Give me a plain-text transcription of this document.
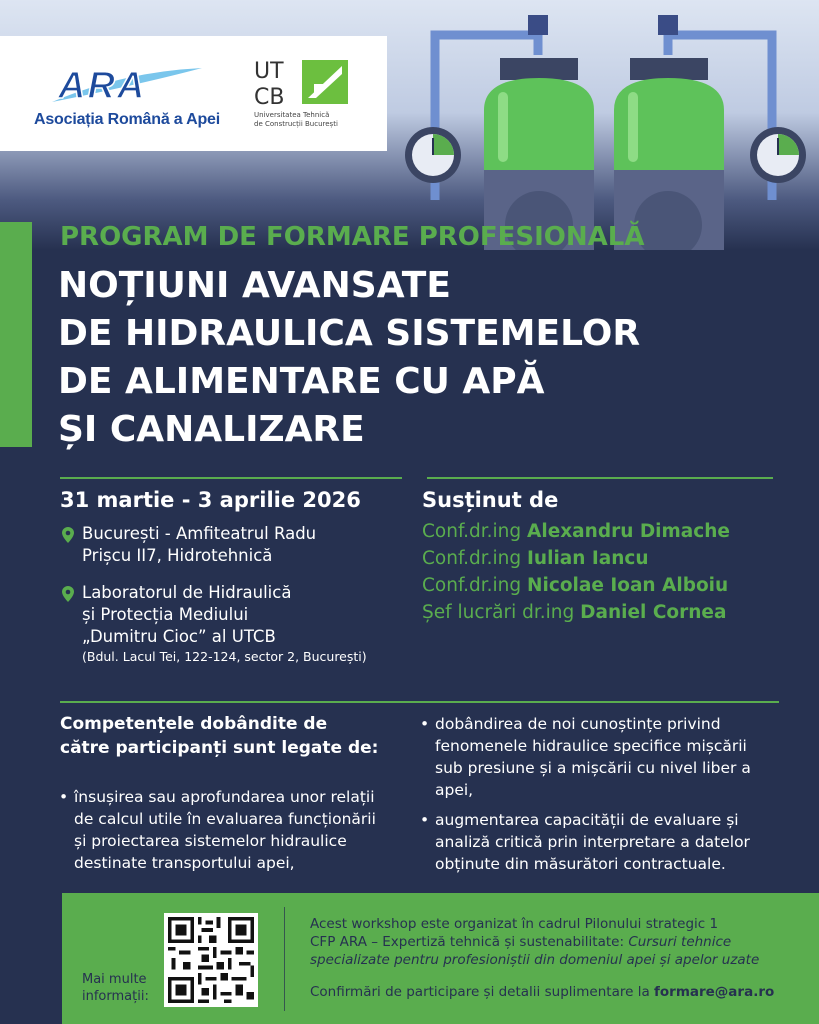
ARA
Asociația Română a Apei
UT
CB
Universitatea Tehnică
de Construcții București
PROGRAM DE FORMARE PROFESIONALĂ
NOȚIUNI AVANSATE
DE HIDRAULICA SISTEMELOR
DE ALIMENTARE CU APĂ
ȘI CANALIZARE
31 martie - 3 aprilie 2026
București - Amfiteatrul Radu
Prișcu II7, Hidrotehnică
Laboratorul de Hidraulică
și Protecția Mediului
„Dumitru Cioc” al UTCB
(Bdul. Lacul Tei, 122-124, sector 2, București)
Susținut de
Conf.dr.ing Alexandru Dimache
Conf.dr.ing Iulian Iancu
Conf.dr.ing Nicolae Ioan Alboiu
Șef lucrări dr.ing Daniel Cornea
Competențele dobândite de
către participanți sunt legate de:
• însușirea sau aprofundarea unor relații
de calcul utile în evaluarea funcționării
și proiectarea sistemelor hidraulice
destinate transportului apei,
• dobândirea de noi cunoștințe privind
fenomenele hidraulice specifice mișcării
sub presiune și a mișcării cu nivel liber a
apei,
• augmentarea capacității de evaluare și
analiză critică prin interpretare a datelor
obținute din măsurători contractuale.
Mai multe
informații:
Acest workshop este organizat în cadrul Pilonului strategic 1
CFP ARA – Expertiză tehnică și sustenabilitate: Cursuri tehnice
specializate pentru profesioniștii din domeniul apei și apelor uzate
Confirmări de participare și detalii suplimentare la formare@ara.ro
